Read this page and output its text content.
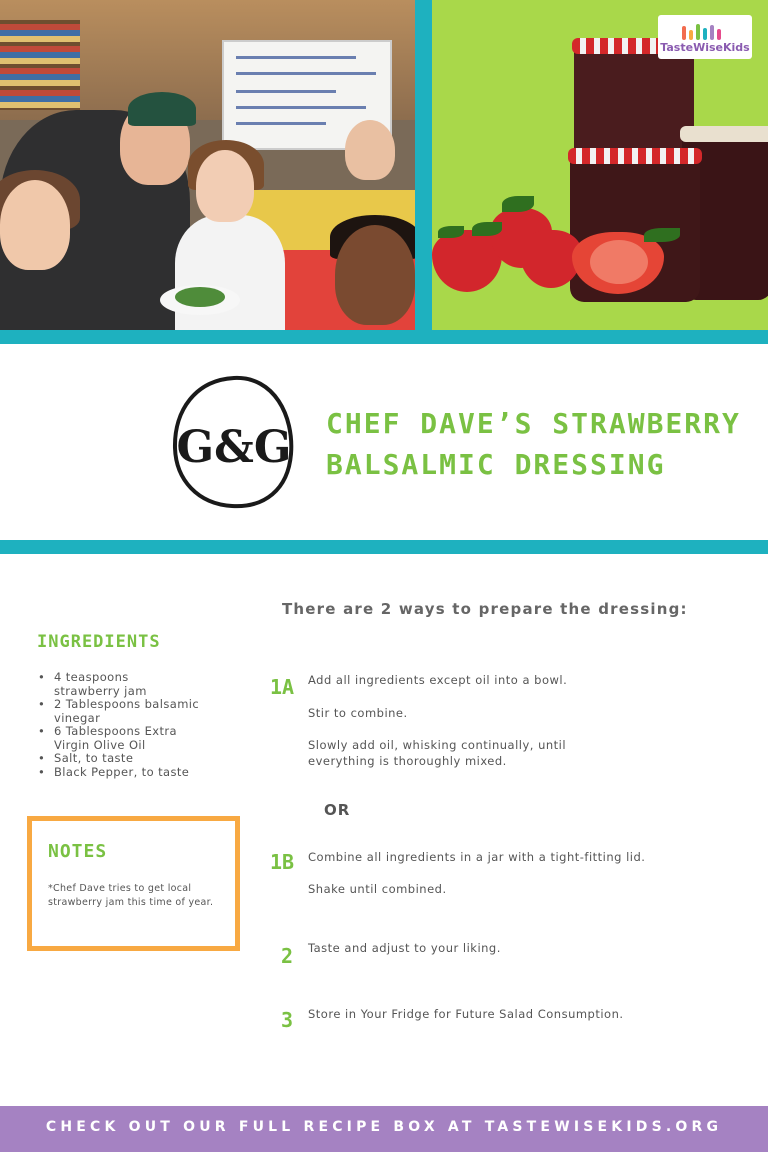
TasteWiseKids
G&G CHEF DAVE’S STRAWBERRY
BALSALMIC DRESSING
INGREDIENTS
• 4 teaspoons
strawberry jam
• 2 Tablespoons balsamic
vinegar
• 6 Tablespoons Extra
Virgin Olive Oil
• Salt, to taste
• Black Pepper, to taste
NOTES

*Chef Dave tries to get local
strawberry jam this time of year.

There are 2 ways to prepare the dressing:

1A Add all ingredients except oil into a bowl.

Stir to combine.

Slowly add oil, whisking continually, until
everything is thoroughly mixed.

OR
1B Combine all ingredients in a jar with a tight-fitting lid.

Shake until combined.

2 Taste and adjust to your liking.

3 Store in Your Fridge for Future Salad Consumption.

CHECK OUT OUR FULL RECIPE BOX AT TASTEWISEKIDS.ORG
